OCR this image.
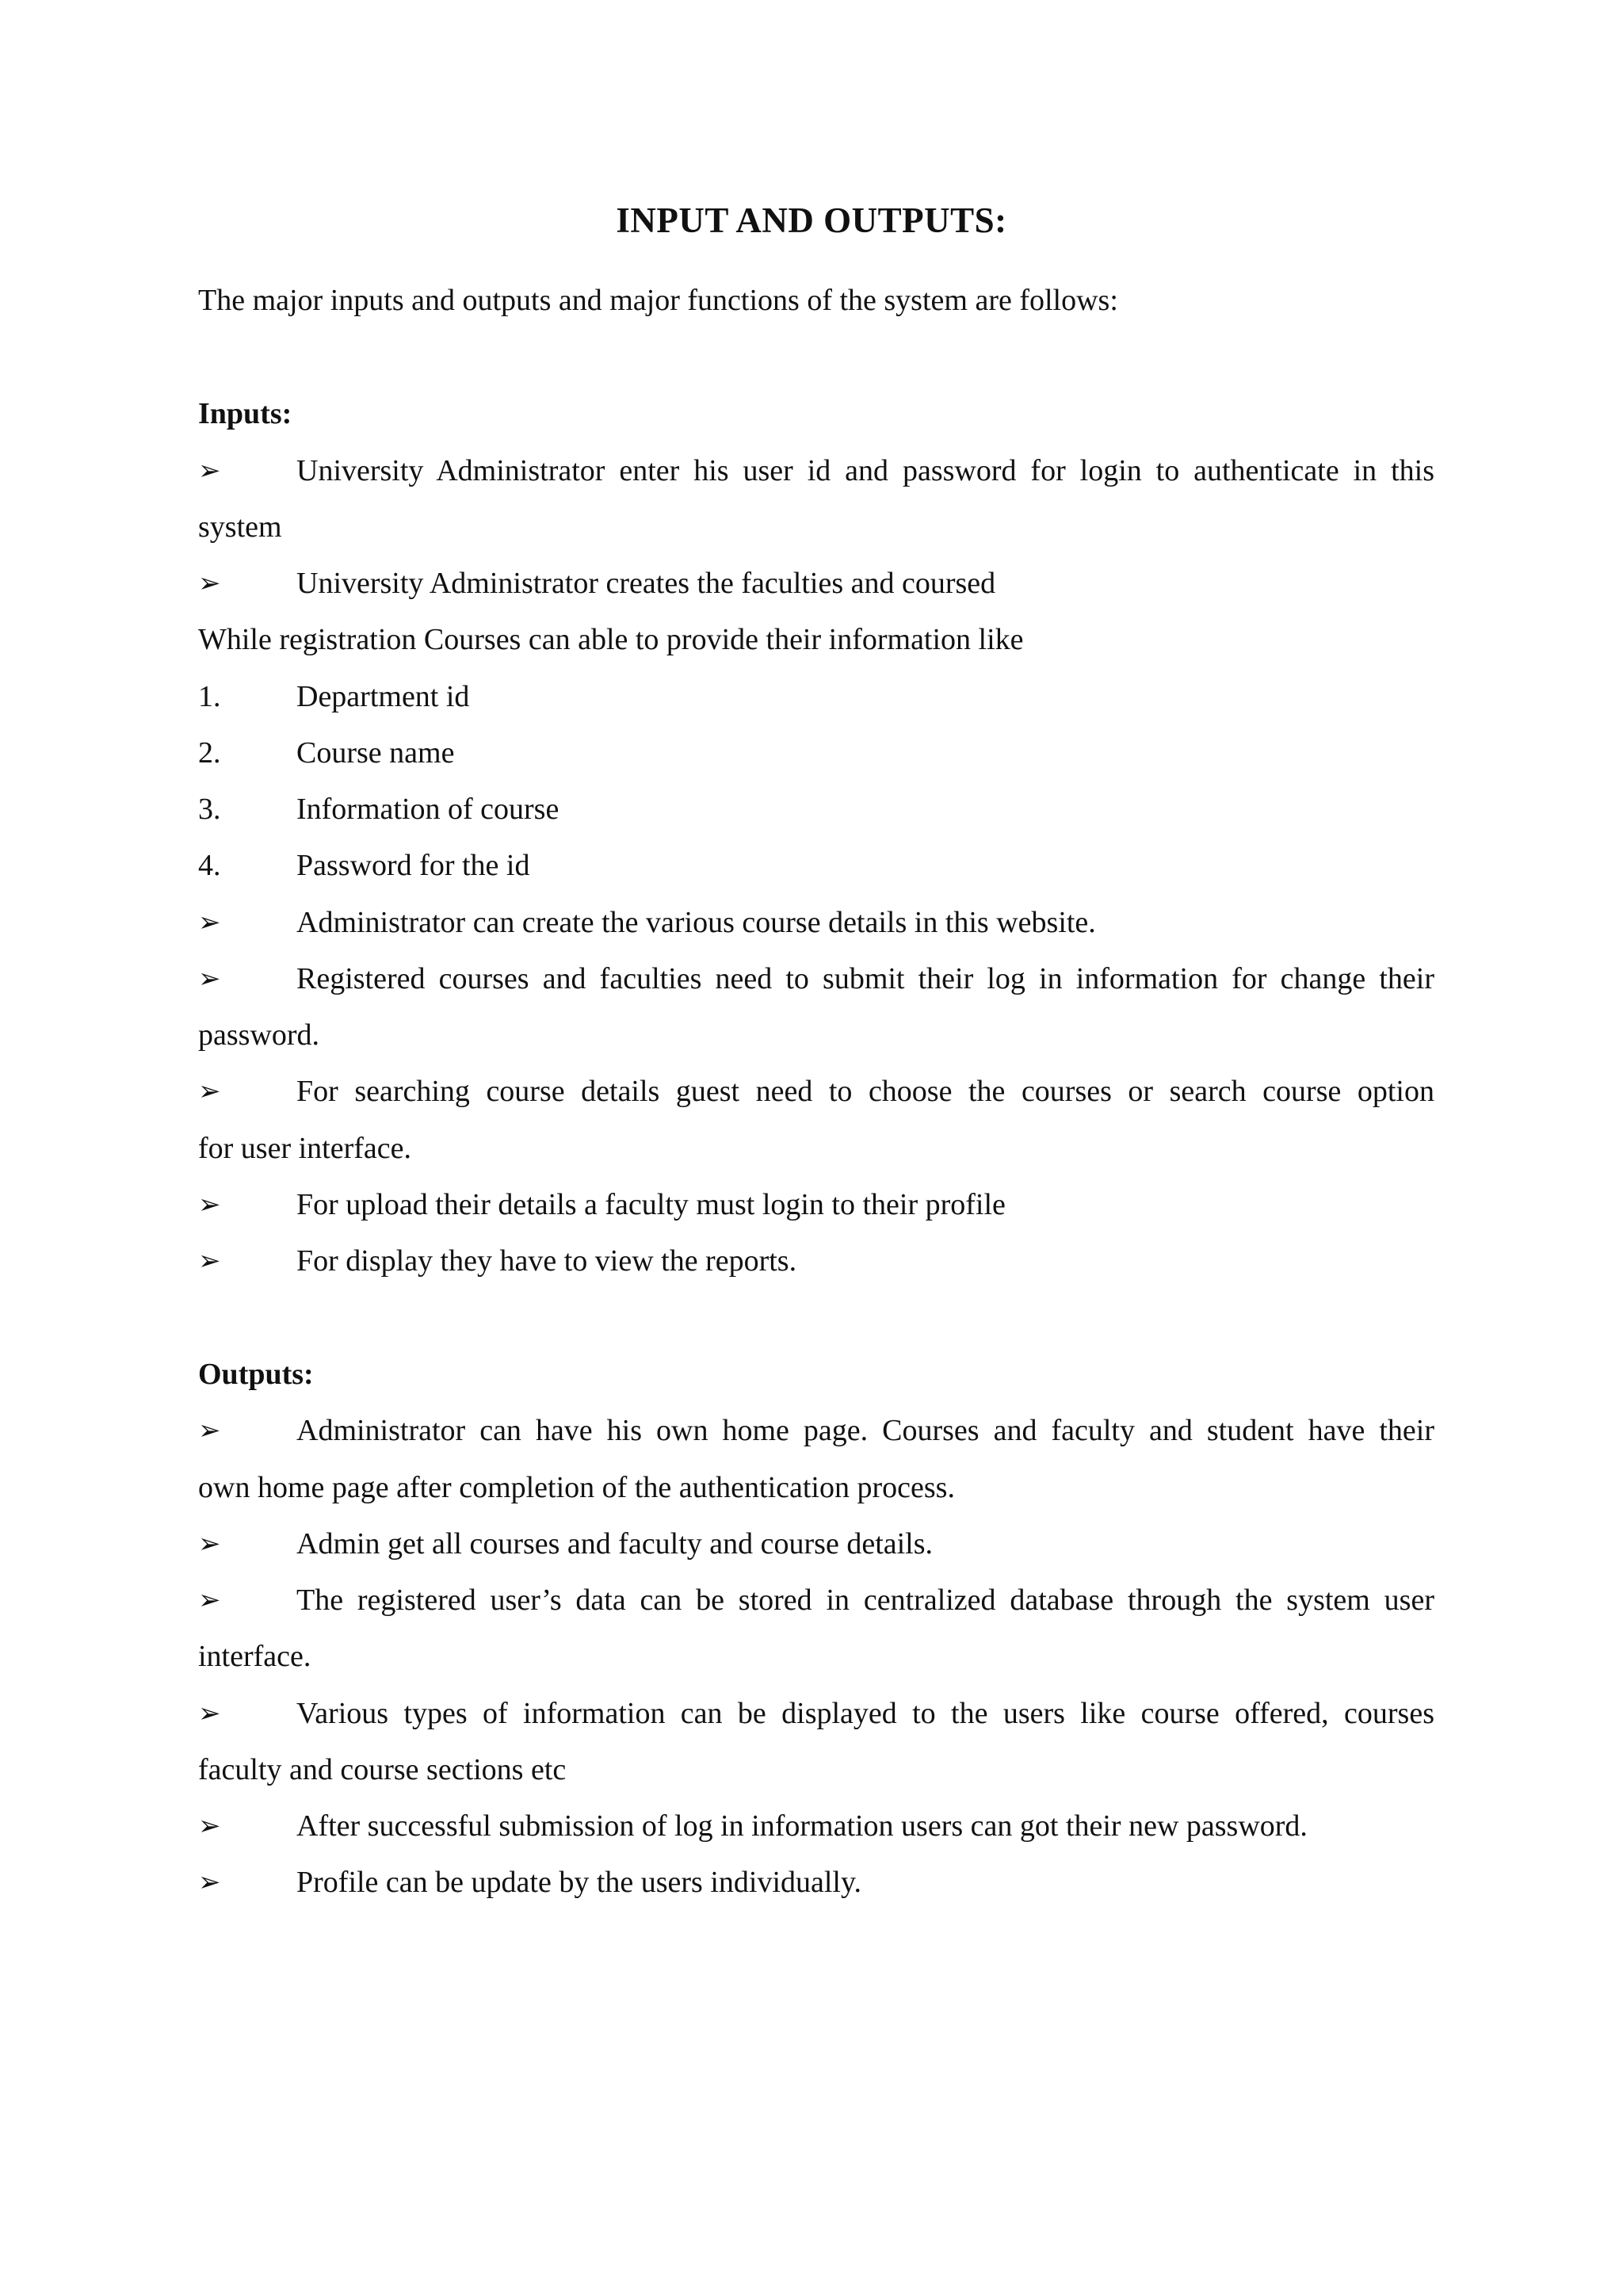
INPUT AND OUTPUTS:
The major inputs and outputs and major functions of the system are follows:
Inputs:
➢	University Administrator enter his user id and password for login to authenticate in this
system
➢	University Administrator creates the faculties and coursed
While registration Courses can able to provide their information like
1.	Department id
2.	Course name
3.	Information of course
4.	Password for the id
➢	Administrator can create the various course details in this website.
➢	Registered courses and faculties need to submit their log in information for change their
password.
➢	For searching course details guest need to choose the courses or search course option
for user interface.
➢	For upload their details a faculty must login to their profile
➢	For display they have to view the reports.
Outputs:
➢	Administrator can have his own home page. Courses and faculty and student have their
own home page after completion of the authentication process.
➢	Admin get all courses and faculty and course details.
➢	The registered user’s data can be stored in centralized database through the system user
interface.
➢	Various types of information can be displayed to the users like course offered, courses
faculty and course sections etc
➢	After successful submission of log in information users can got their new password.
➢	Profile can be update by the users individually.
